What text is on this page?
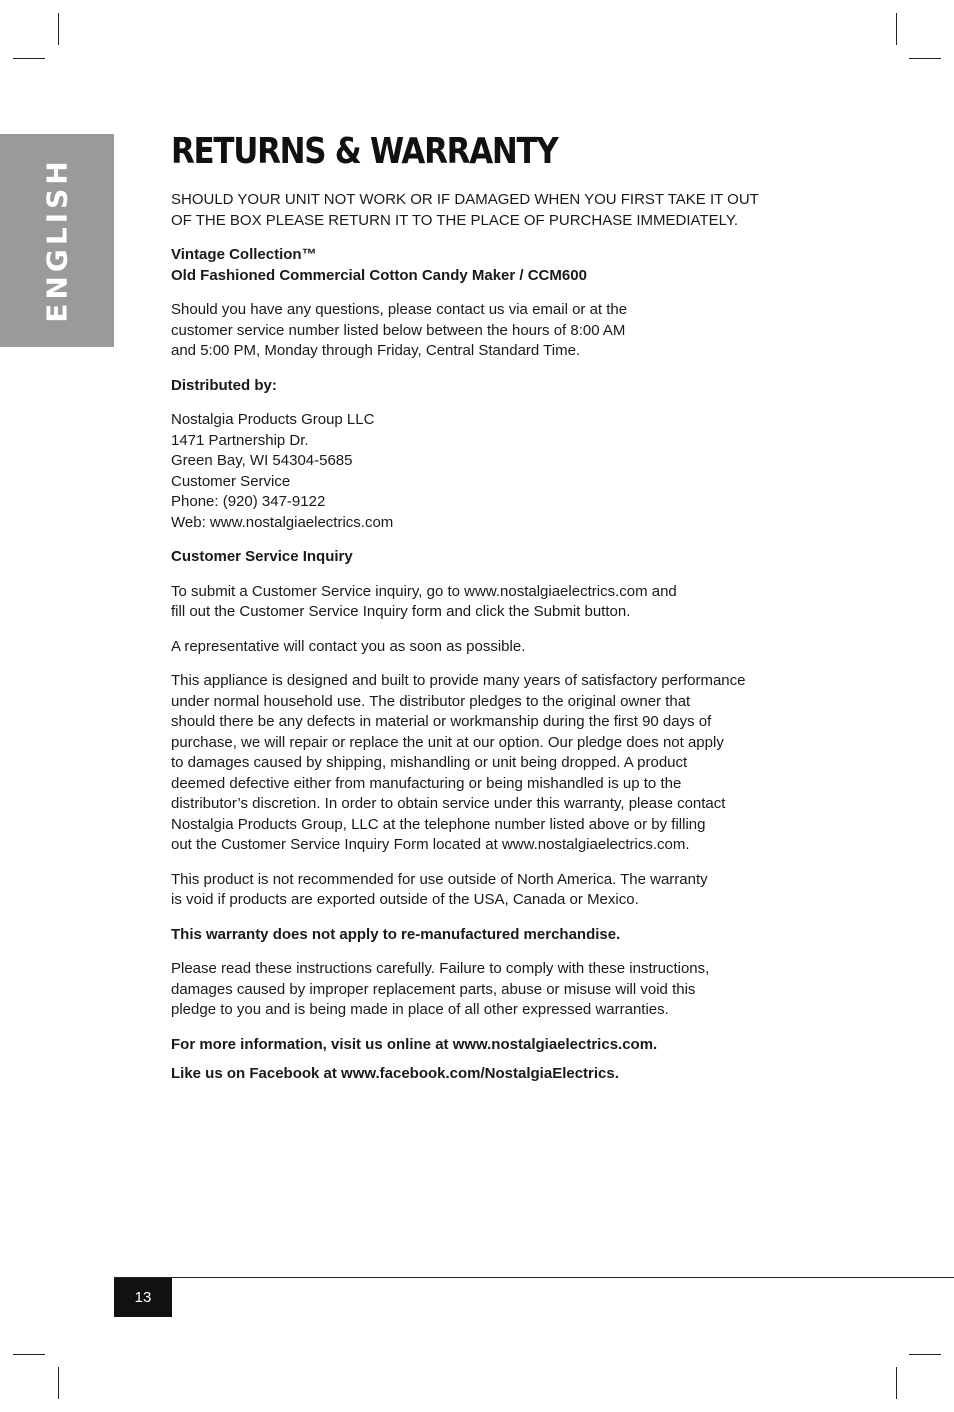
ENGLISH
RETURNS & WARRANTY

SHOULD YOUR UNIT NOT WORK OR IF DAMAGED WHEN YOU FIRST TAKE IT OUT
OF THE BOX PLEASE RETURN IT TO THE PLACE OF PURCHASE IMMEDIATELY.

Vintage Collection™
Old Fashioned Commercial Cotton Candy Maker / CCM600

Should you have any questions, please contact us via email or at the
customer service number listed below between the hours of 8:00 AM
and 5:00 PM, Monday through Friday, Central Standard Time.

Distributed by:

Nostalgia Products Group LLC
1471 Partnership Dr.
Green Bay, WI 54304-5685
Customer Service
Phone: (920) 347-9122
Web: www.nostalgiaelectrics.com

Customer Service Inquiry

To submit a Customer Service inquiry, go to www.nostalgiaelectrics.com and
fill out the Customer Service Inquiry form and click the Submit button.

A representative will contact you as soon as possible.

This appliance is designed and built to provide many years of satisfactory performance
under normal household use. The distributor pledges to the original owner that
should there be any defects in material or workmanship during the first 90 days of
purchase, we will repair or replace the unit at our option. Our pledge does not apply
to damages caused by shipping, mishandling or unit being dropped. A product
deemed defective either from manufacturing or being mishandled is up to the
distributor’s discretion. In order to obtain service under this warranty, please contact
Nostalgia Products Group, LLC at the telephone number listed above or by filling
out the Customer Service Inquiry Form located at www.nostalgiaelectrics.com.

This product is not recommended for use outside of North America. The warranty
is void if products are exported outside of the USA, Canada or Mexico.

This warranty does not apply to re-manufactured merchandise.

Please read these instructions carefully. Failure to comply with these instructions,
damages caused by improper replacement parts, abuse or misuse will void this
pledge to you and is being made in place of all other expressed warranties.

For more information, visit us online at www.nostalgiaelectrics.com.

Like us on Facebook at www.facebook.com/NostalgiaElectrics.

13
